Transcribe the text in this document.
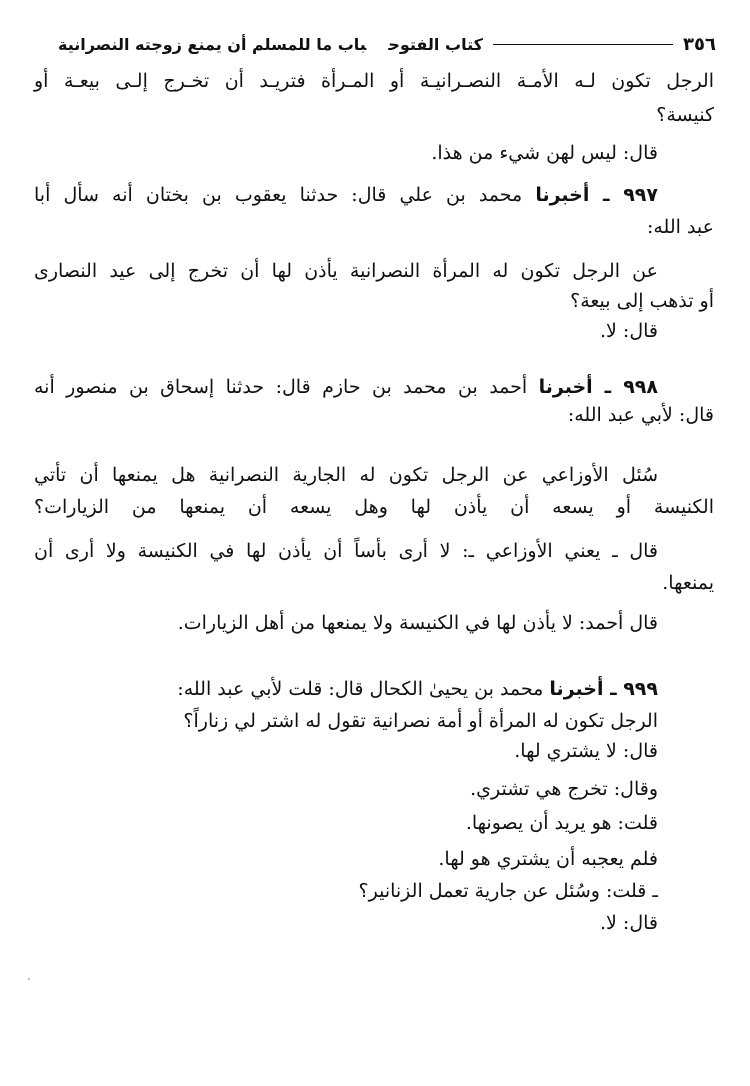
٣٥٦
كتاب الفتوحباب ما للمسلم أن يمنع زوجته النصرانية
الرجل تكون لـه الأمـة النصـرانيـة أو المـرأة فتريـد أن تخـرج إلـى بيعـة أو
كنيسة؟
قال: ليس لهن شيء من هذا.
٩٩٧ ـ أخبرنا محمد بن علي قال: حدثنا يعقوب بن بختان أنه سأل أبا
عبد الله:
عن الرجل تكون له المرأة النصرانية يأذن لها أن تخرج إلى عيد النصارى
أو تذهب إلى بيعة؟
قال: لا.
٩٩٨ ـ أخبرنا أحمد بن محمد بن حازم قال: حدثنا إسحاق بن منصور أنه
قال: لأبي عبد الله:
سُئل الأوزاعي عن الرجل تكون له الجارية النصرانية هل يمنعها أن تأتي
الكنيسة أو يسعه أن يأذن لها وهل يسعه أن يمنعها من الزيارات؟
قال ـ يعني الأوزاعي ـ: لا أرى بأساً أن يأذن لها في الكنيسة ولا أرى أن
يمنعها.
قال أحمد: لا يأذن لها في الكنيسة ولا يمنعها من أهل الزيارات.
٩٩٩ ـ أخبرنا محمد بن يحيىٰ الكحال قال: قلت لأبي عبد الله:
الرجل تكون له المرأة أو أمة نصرانية تقول له اشتر لي زناراً؟
قال: لا يشتري لها.
وقال: تخرج هي تشتري.
قلت: هو يريد أن يصونها.
فلم يعجبه أن يشتري هو لها.
ـ قلت: وسُئل عن جارية تعمل الزنانير؟
قال: لا.
